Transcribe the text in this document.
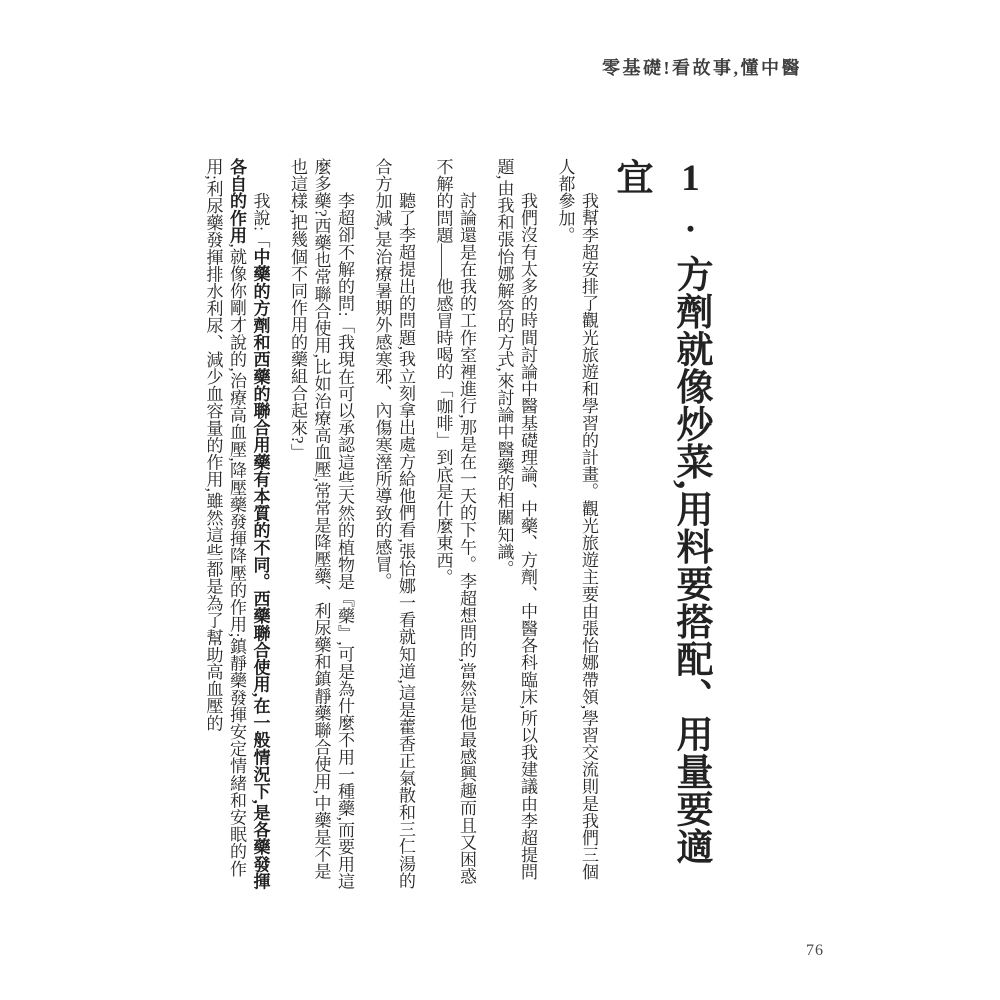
零基礎!看故事,懂中醫
1.方劑就像炒菜,用料要搭配、用量要適宜

我幫李超安排了觀光旅遊和學習的計畫。觀光旅遊主要由張怡娜帶領,學習交流則是我們三個人都參加。

我們沒有太多的時間討論中醫基礎理論、中藥、方劑、中醫各科臨床,所以我建議由李超提問題,由我和張怡娜解答的方式,來討論中醫藥的相關知識。

討論還是在我的工作室裡進行,那是在一天的下午。李超想問的,當然是他最感興趣而且又困惑不解的問題——他感冒時喝的「咖啡」到底是什麼東西。

聽了李超提出的問題,我立刻拿出處方給他們看,張怡娜一看就知道,這是藿香正氣散和三仁湯的合方加減,是治療暑期外感寒邪、內傷寒溼所導致的感冒。

李超卻不解的問:「我現在可以承認這些天然的植物是『藥』,可是為什麼不用一種藥,而要用這麼多藥?西藥也常聯合使用,比如治療高血壓,常常是降壓藥、利尿藥和鎮靜藥聯合使用,中藥是不是也這樣,把幾個不同作用的藥組合起來?」

我說:「中藥的方劑和西藥的聯合用藥有本質的不同。西藥聯合使用,在一般情況下,是各藥發揮各自的作用,就像你剛才說的,治療高血壓,降壓藥發揮降壓的作用;鎮靜藥發揮安定情緒和安眠的作用;利尿藥發揮排水利尿、減少血容量的作用,雖然這些都是為了幫助高血壓的

76
